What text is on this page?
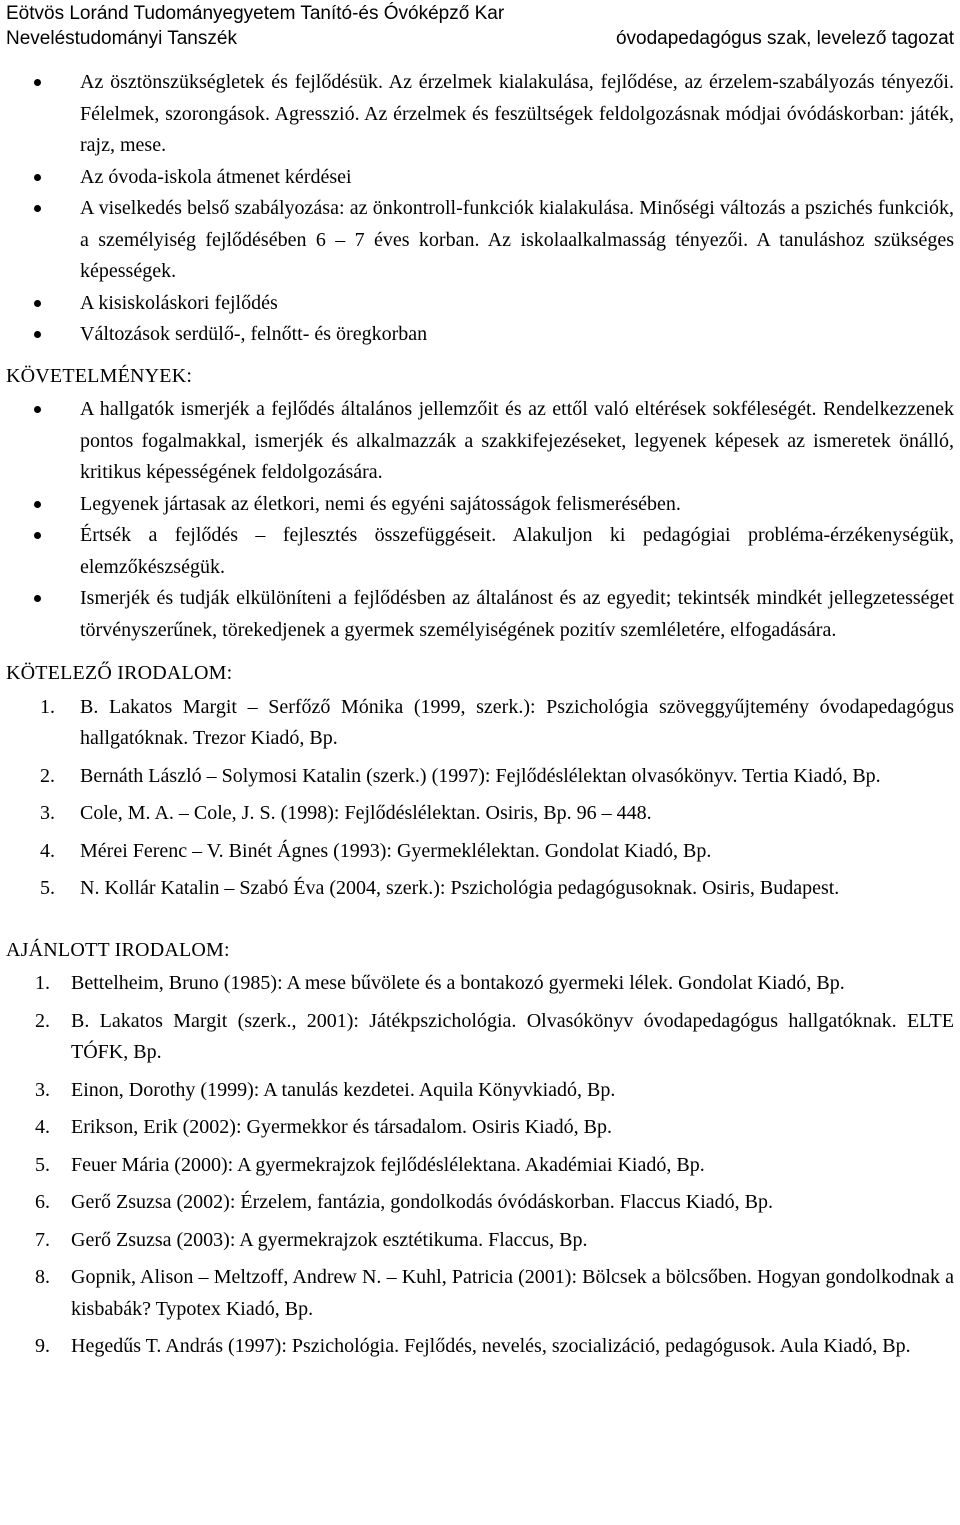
Eötvös Loránd Tudományegyetem Tanító-és Óvóképző Kar
Neveléstudományi Tanszék	óvodapedagógus szak, levelező tagozat
Az ösztönszükségletek és fejlődésük. Az érzelmek kialakulása, fejlődése, az érzelem-szabályozás tényezői. Félelmek, szorongások. Agresszió. Az érzelmek és feszültségek feldolgozásnak módjai óvódáskorban: játék, rajz, mese.
Az óvoda-iskola átmenet kérdései
A viselkedés belső szabályozása: az önkontroll-funkciók kialakulása. Minőségi változás a pszichés funkciók, a személyiség fejlődésében 6 – 7 éves korban. Az iskolaalkalmasság tényezői. A tanuláshoz szükséges képességek.
A kisiskoláskori fejlődés
Változások serdülő-, felnőtt- és öregkorban
KÖVETELMÉNYEK:
A hallgatók ismerjék a fejlődés általános jellemzőit és az ettől való eltérések sokféleségét. Rendelkezzenek pontos fogalmakkal, ismerjék és alkalmazzák a szakkifejezéseket, legyenek képesek az ismeretek önálló, kritikus képességének feldolgozására.
Legyenek jártasak az életkori, nemi és egyéni sajátosságok felismerésében.
Értsék a fejlődés – fejlesztés összefüggéseit. Alakuljon ki pedagógiai probléma-érzékenységük, elemzőkészségük.
Ismerjék és tudják elkülöníteni a fejlődésben az általánost és az egyedit; tekintsék mindkét jellegzetességet törvényszerűnek, törekedjenek a gyermek személyiségének pozitív szemléletére, elfogadására.
KÖTELEZŐ IRODALOM:
1. B. Lakatos Margit – Serfőző Mónika (1999, szerk.): Pszichológia szöveggyűjtemény óvodapedagógus hallgatóknak. Trezor Kiadó, Bp.
2. Bernáth László – Solymosi Katalin (szerk.) (1997): Fejlődéslélektan olvasókönyv. Tertia Kiadó, Bp.
3. Cole, M. A. – Cole, J. S. (1998): Fejlődéslélektan. Osiris, Bp. 96 – 448.
4. Mérei Ferenc – V. Binét Ágnes (1993): Gyermeklélektan. Gondolat Kiadó, Bp.
5. N. Kollár Katalin – Szabó Éva (2004, szerk.): Pszichológia pedagógusoknak. Osiris, Budapest.
AJÁNLOTT IRODALOM:
1. Bettelheim, Bruno (1985): A mese bűvölete és a bontakozó gyermeki lélek. Gondolat Kiadó, Bp.
2. B. Lakatos Margit (szerk., 2001): Játékpszichológia. Olvasókönyv óvodapedagógus hallgatóknak. ELTE TÓFK, Bp.
3. Einon, Dorothy (1999): A tanulás kezdetei. Aquila Könyvkiadó, Bp.
4. Erikson, Erik (2002): Gyermekkor és társadalom. Osiris Kiadó, Bp.
5. Feuer Mária (2000): A gyermekrajzok fejlődéslélektana. Akadémiai Kiadó, Bp.
6. Gerő Zsuzsa (2002): Érzelem, fantázia, gondolkodás óvódáskorban. Flaccus Kiadó, Bp.
7. Gerő Zsuzsa (2003): A gyermekrajzok esztétikuma. Flaccus, Bp.
8. Gopnik, Alison – Meltzoff, Andrew N. – Kuhl, Patricia (2001): Bölcsek a bölcsőben. Hogyan gondolkodnak a kisbabák? Typotex Kiadó, Bp.
9. Hegedűs T. András (1997): Pszichológia. Fejlődés, nevelés, szocializáció, pedagógusok. Aula Kiadó, Bp.
